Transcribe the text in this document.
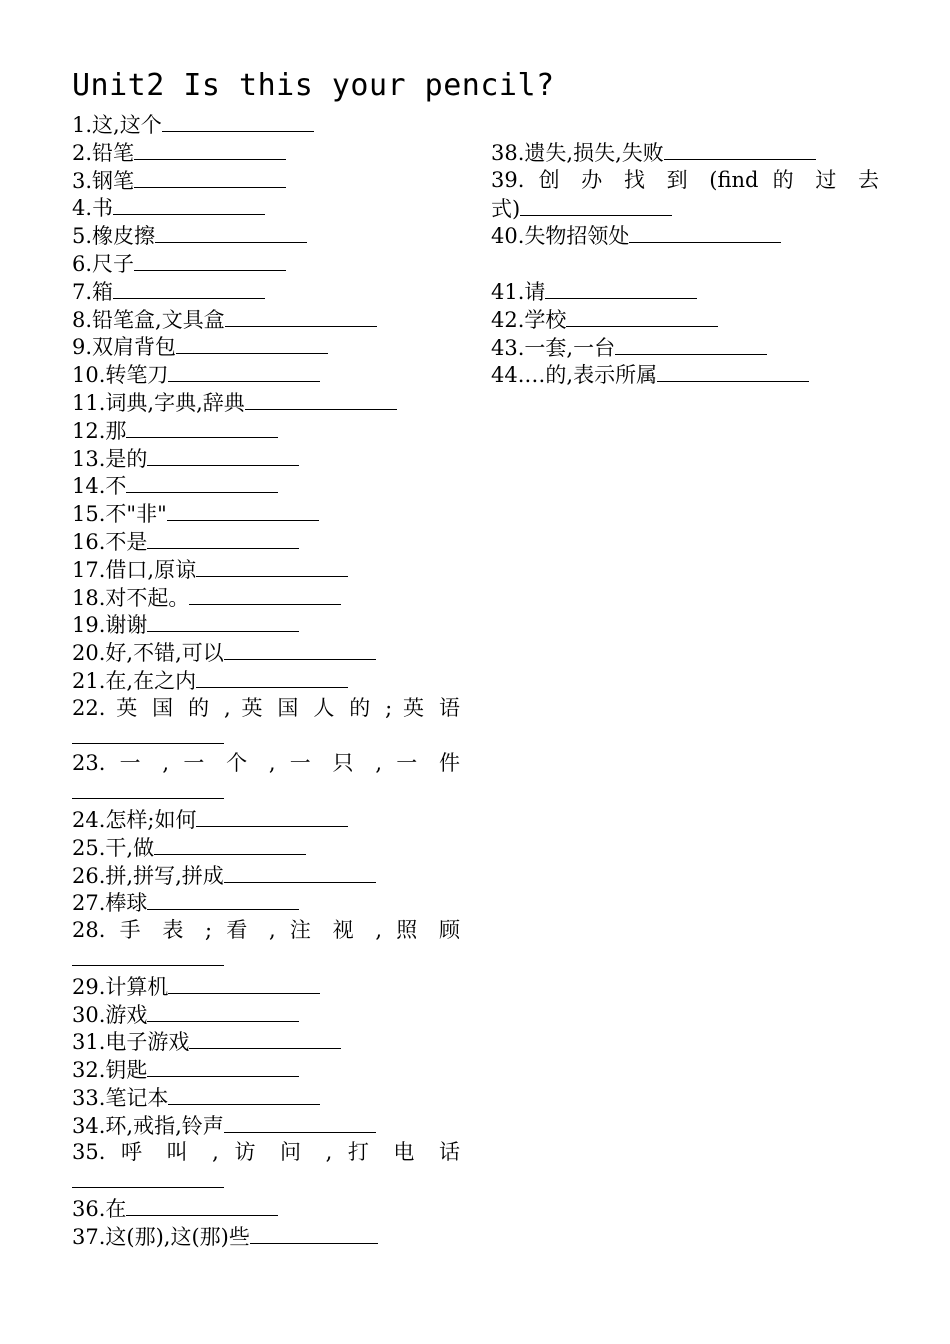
Unit2 Is this your pencil?
1.这,这个
2.铅笔
3.钢笔
4.书
5.橡皮擦
6.尺子
7.箱
8.铅笔盒,文具盒
9.双肩背包
10.转笔刀
11.词典,字典,辞典
12.那
13.是的
14.不
15.不"非"
16.不是
17.借口,原谅
18.对不起。
19.谢谢
20.好,不错,可以
21.在,在之内
22. 英 国 的 , 英 国 人 的 ; 英 语
23. 一 , 一 个 , 一 只 , 一 件
24.怎样;如何
25.干,做
26.拼,拼写,拼成
27.棒球
28. 手 表 ; 看 , 注 视 , 照 顾
29.计算机
30.游戏
31.电子游戏
32.钥匙
33.笔记本
34.环,戒指,铃声
35. 呼 叫 , 访 问 , 打 电 话
36.在
37.这(那),这(那)些
38.遗失,损失,失败
39. 创 办 找 到 (find 的 过 去
式)
40.失物招领处
41.请
42.学校
43.一套,一台
44.…的,表示所属
